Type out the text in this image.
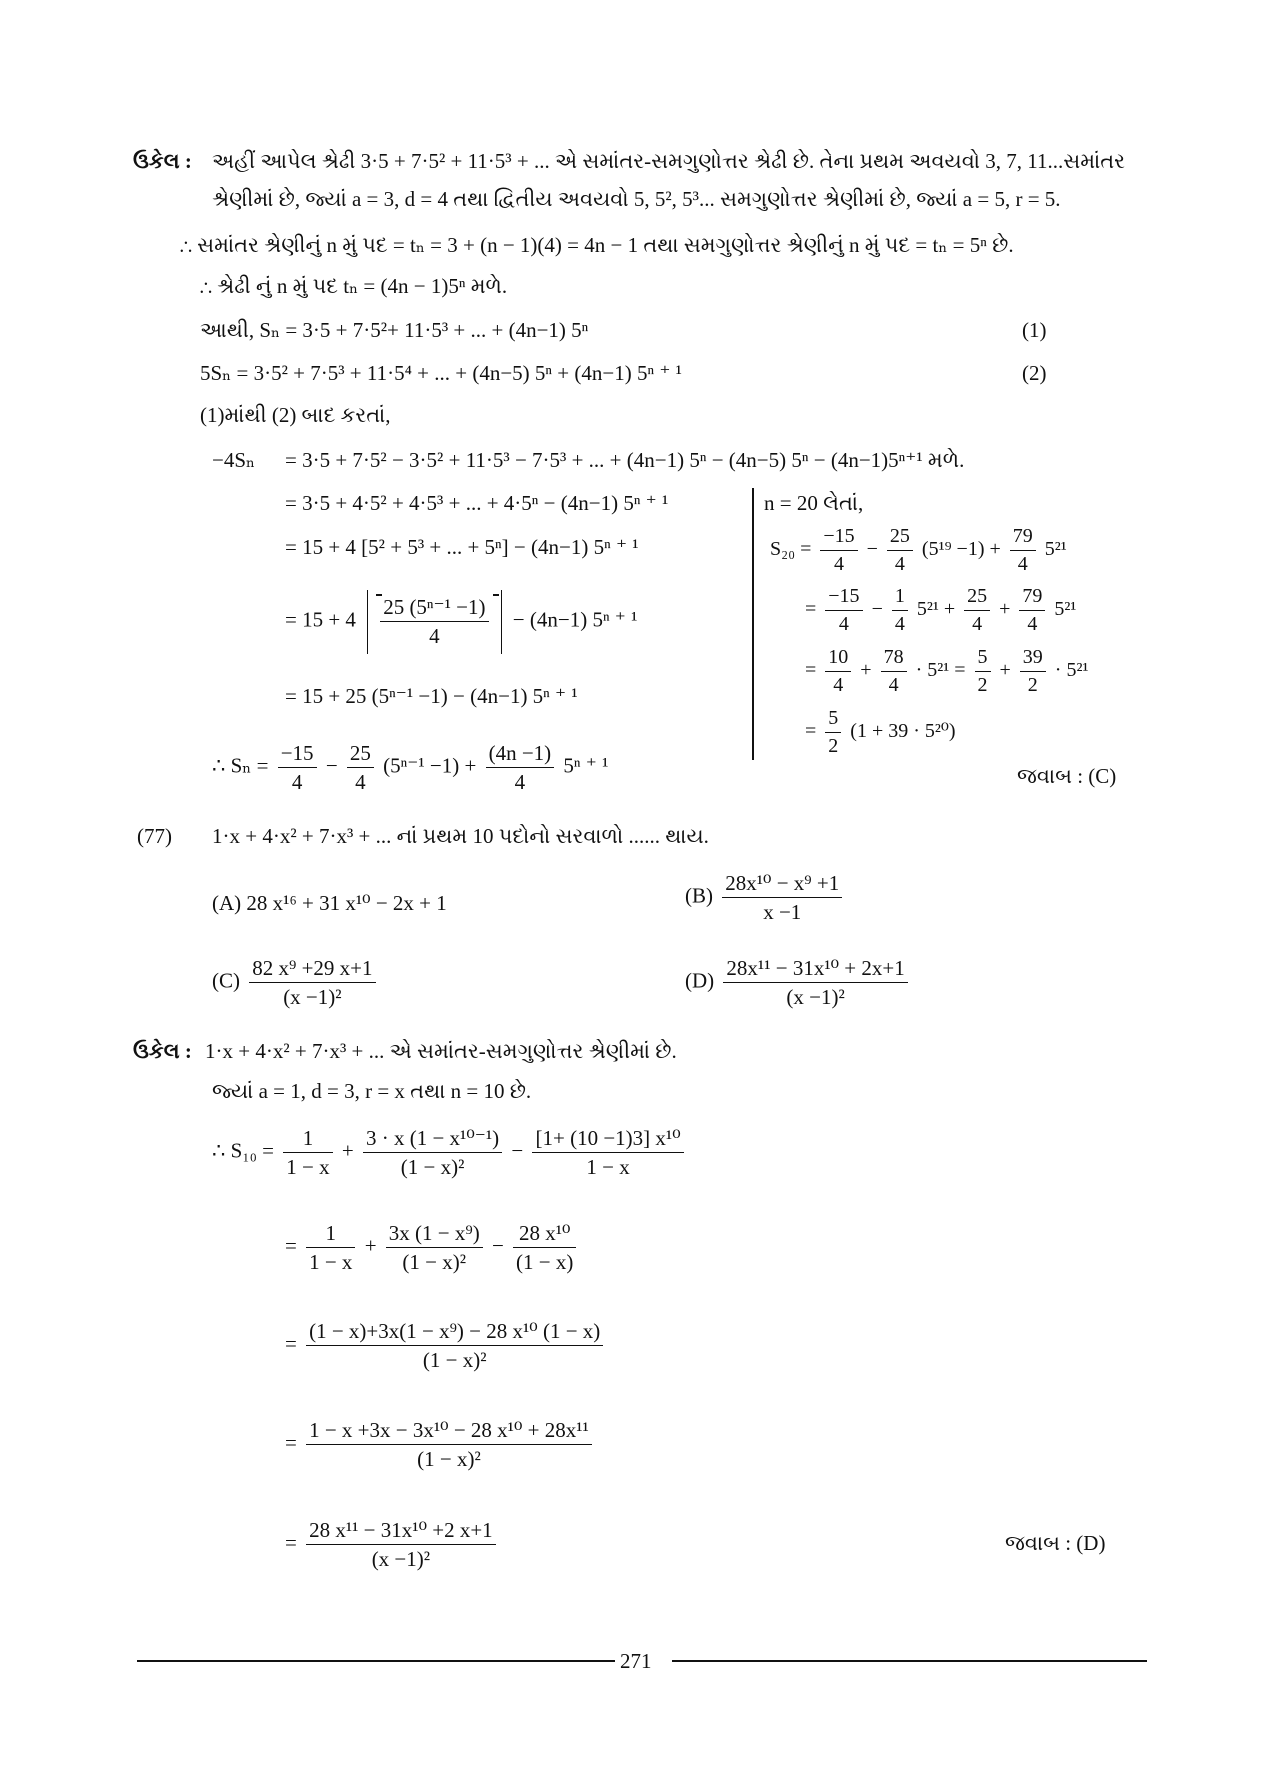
ઉકેલ : અહીં આપેલ શ્રેઢી 3·5 + 7·5² + 11·5³ + ... એ સમાંતર-સમગુણોત્તર શ્રેઢી છે. તેના પ્રથમ અવયવો 3, 7, 11...સમાંતર
શ્રેણીમાં છે, જ્યાં a = 3, d = 4 તથા દ્વિતીય અવયવો 5, 5², 5³... સમગુણોત્તર શ્રેણીમાં છે, જ્યાં a = 5, r = 5.
∴ સમાંતર શ્રેણીનું n મું પદ = tₙ = 3 + (n − 1)(4) = 4n − 1 તથા સમગુણોત્તર શ્રેણીનું n મું પદ = tₙ = 5ⁿ છે.
∴ શ્રેઢી નું n મું પદ tₙ = (4n − 1)5ⁿ મળે.
આથી, Sₙ = 3·5 + 7·5²+ 11·5³ + ... + (4n−1) 5ⁿ	(1)
5Sₙ = 3·5² + 7·5³ + 11·5⁴ + ... + (4n−5) 5ⁿ + (4n−1) 5ⁿ ⁺ ¹	(2)
(1)માંથી (2) બાદ કરતાં,
−4Sₙ = 3·5 + 7·5² − 3·5² + 11·5³ − 7·5³ + ... + (4n−1) 5ⁿ − (4n−5) 5ⁿ − (4n−1)5ⁿ⁺¹ મળે.
= 3·5 + 4·5² + 4·5³ + ... + 4·5ⁿ − (4n−1) 5ⁿ ⁺ ¹
= 15 + 4 [5² + 5³ + ... + 5ⁿ] − (4n−1) 5ⁿ ⁺ ¹
= $15 + 4 \frac{\text{25 (5ⁿ⁻¹ −1)}}{4} - (4n-1)$ 5ⁿ ⁺ ¹
= 15 + 25 (5ⁿ⁻¹ −1) − (4n−1) 5ⁿ ⁺ ¹
∴ $S_n = \frac{-15}{4} - \frac{25}{4} (5^{n-1} -1) + \frac{(4n -1)}{4} 5^n$ ⁺ ¹
n = 20 લેતાં,
$S_{20} = \frac{-15}{4} - \frac{25}{4} (5^{19} -1) + \frac{79}{4} 5^{21}$
= $\frac{-15}{4} - \frac{1}{4} 5^{21} + \frac{25}{4} + \frac{79}{4} 5^{21}$
= $\frac{10}{4} + \frac{78}{4} \cdot 5^{21} = \frac{5}{2} + \frac{39}{2} \cdot 5^{21}$
= $\frac{5}{2} (1 + 39 \cdot 5^{20})$
જવાબ : (C)
(77) 1·x + 4·x² + 7·x³ + ... નાં પ્રથમ 10 પદોનો સરવાળો ...... થાય.
(A) 28 x¹⁶ + 31 x¹⁰ − 2x + 1	$(B) \frac{\text{28x¹⁰ − x⁹ +1}}{x -1}$
$(C) \frac{\text{82 x⁹ +29 x+1}}{\text{(x −1)²}}$	$(D) \frac{\text{28x¹¹ − 31x¹⁰ + 2x+1}}{\text{(x −1)²}}$
ઉકેલ : 1·x + 4·x² + 7·x³ + ... એ સમાંતર-સમગુણોત્તર શ્રેણીમાં છે.
જ્યાં a = 1, d = 3, r = x તથા n = 10 છે.
∴ $S_{10} = \frac{1}{1 - x} + \frac{\text{3 · x (1 − x¹⁰⁻¹)}}{\text{(1 − x)²}} - \frac{\text{[1+ (10 −1)3] x¹⁰}}{1 - x}$
= $\frac{1}{1 - x} + \frac{\text{3x (1 − x⁹)}}{\text{(1 − x)²}} - \frac{\text{28 x¹⁰}}{(1 - x)}$
= $\frac{\text{(1 − x)+3x(1 − x⁹) − 28 x¹⁰ (1 − x)}}{\text{(1 − x)²}}$
= $\frac{\text{1 − x +3x − 3x¹⁰ − 28 x¹⁰ + 28x¹¹}}{\text{(1 − x)²}}$
= $\frac{\text{28 x¹¹ − 31x¹⁰ +2 x+1}}{\text{(x −1)²}}$	જવાબ : (D)
271
